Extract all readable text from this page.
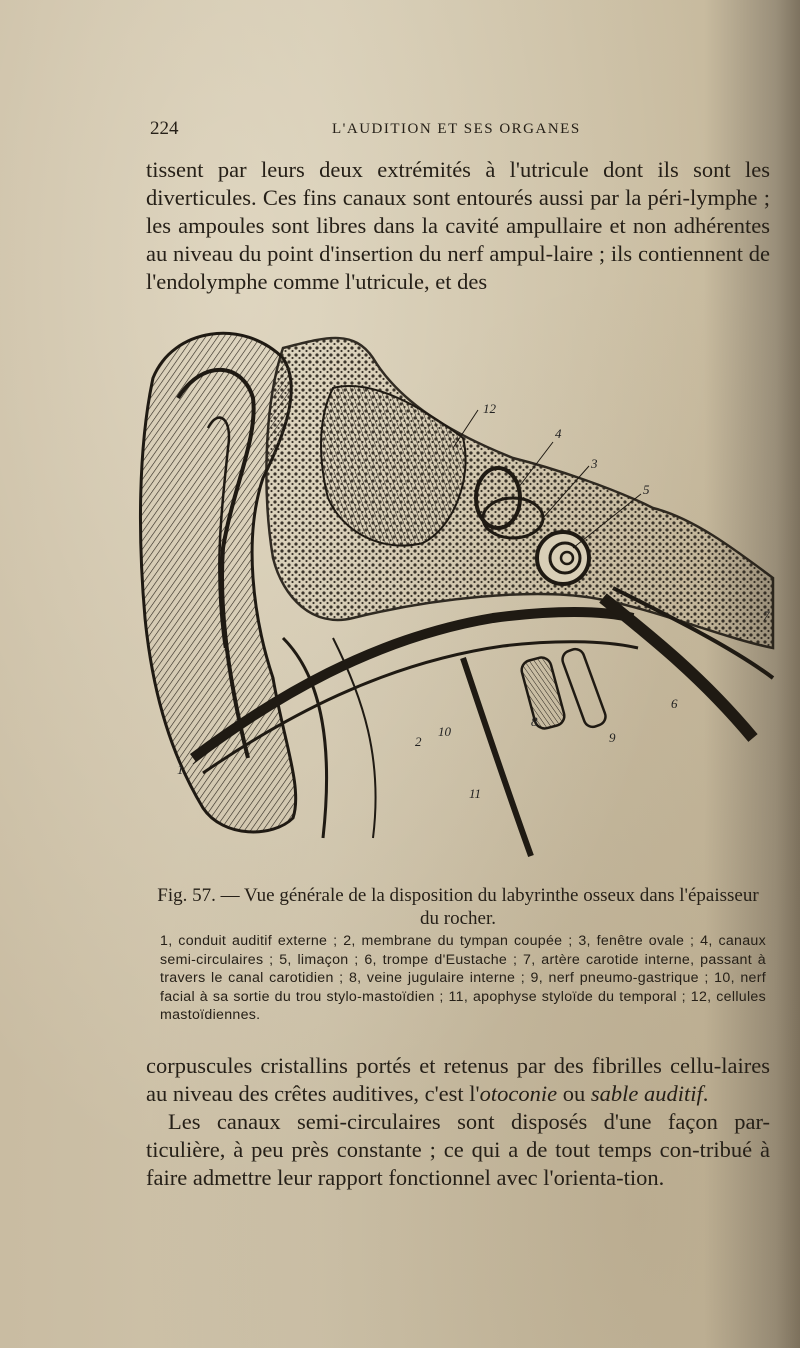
224	L'AUDITION ET SES ORGANES
tissent par leurs deux extrémités à l'utricule dont ils sont les diverticules. Ces fins canaux sont entourés aussi par la péri-lymphe ; les ampoules sont libres dans la cavité ampullaire et non adhérentes au niveau du point d'insertion du nerf ampul-laire ; ils contiennent de l'endolymphe comme l'utricule, et des
12
4
3
5
7
6
9
8
10
2
11
1
Fig. 57. — Vue générale de la disposition du labyrinthe osseux dans l'épaisseur du rocher.

1, conduit auditif externe ; 2, membrane du tympan coupée ; 3, fenêtre ovale ; 4, canaux semi-circulaires ; 5, limaçon ; 6, trompe d'Eustache ; 7, artère carotide interne, passant à travers le canal carotidien ; 8, veine jugulaire interne ; 9, nerf pneumo-gastrique ; 10, nerf facial à sa sortie du trou stylo-mastoïdien ; 11, apophyse styloïde du temporal ; 12, cellules mastoïdiennes.

corpuscules cristallins portés et retenus par des fibrilles cellu-laires au niveau des crêtes auditives, c'est l'otoconie ou sable auditif.
Les canaux semi-circulaires sont disposés d'une façon par-ticulière, à peu près constante ; ce qui a de tout temps con-tribué à faire admettre leur rapport fonctionnel avec l'orienta-tion.
